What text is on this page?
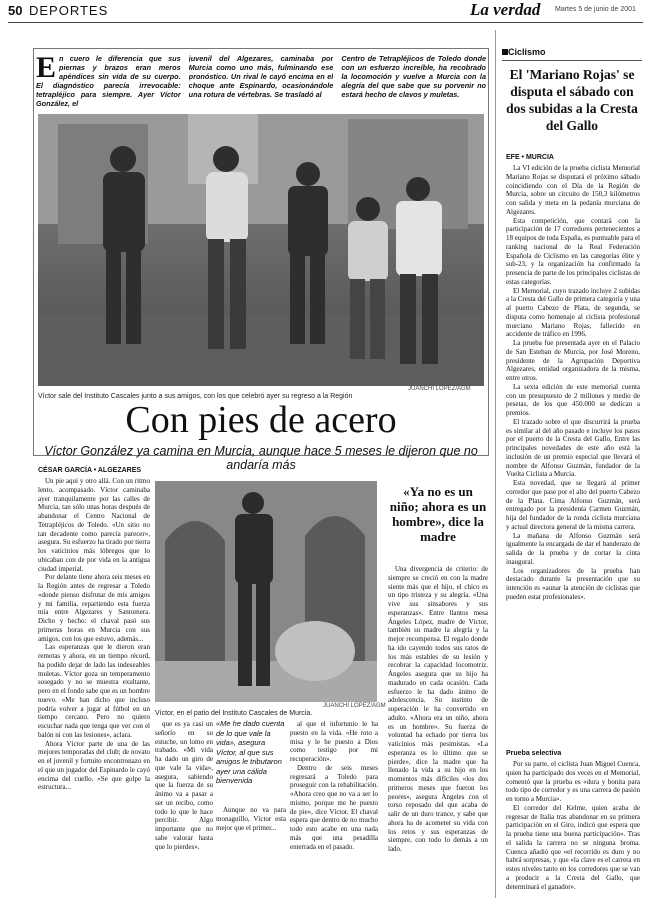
50 DEPORTES	La verdad Martes 5 de junio de 2001
En cuero le diferencia que sus piernas y brazos eran meros apéndices sin vida de su cuerpo. El diagnóstico parecía irrevocable: tetrapléjico para siempre. Ayer Víctor González, el
juvenil del Algezares, caminaba por Murcia como uno más, fulminando ese pronóstico. Un rival le cayó encima en el choque ante Espinardo, ocasionándole una rotura de vértebras. Se trasladó al
Centro de Tetrapléjicos de Toledo donde con un esfuerzo increíble, ha recobrado la locomoción y vuelve a Murcia con la alegría del que sabe que su porvenir no estará hecho de clavos y muletas.
JUANCHI LÓPEZ/AGM
Víctor sale del Instituto Cascales junto a sus amigos, con los que celebró ayer su regreso a la Región
Con pies de acero
Víctor González ya camina en Murcia, aunque hace 5 meses le dijeron que no andaría más
CÉSAR GARCÍA • ALGEZARES

Un pie aquí y otro allá. Con un ritmo lento, acompasado. Víctor caminaba ayer tranquilamente por las calles de Murcia, tan sólo unas horas después de abandonar el Centro Nacional de Tetrapléjicos de Toledo. «Un sitio no tan decadente como parecía parecer», asegura. Su esfuerzo ha tirado por tierra los vaticinios más lóbregos que lo ubicaban con de por vida en la antigua ciudad imperial.

Por delante tiene ahora seis meses en la Región antes de regresar a Toledo «donde pienso disfrutar de mis amigos y mi familia, repartiendo esta fuerza mía entre Algezares y Santomera. Dicho y hecho: el chaval pasó sus primeras horas en Murcia con sus amigos, con los que estuvo, además...

Las esperanzas que le dieron eran remotas y ahora, en un tiempo récord, ha podido dejar de lado las indeseables muletas. Víctor goza un temperamento sosegado y no se muestra exultante, pero en el fondo sabe que es un hombre nuevo. «Me han dicho que incluso podría volver a jugar al fútbol en un tiempo cercano. Pero no quiero escuchar nada que tenga que ver con el balón ni con las lesiones», aclara.

Ahora Víctor parte de una de las mejores temporadas del club; de novato en el juvenil y fortuito encontronazo en el que un jugador del Espinardo le cayó encima del cuello. «Se que golpe la estructura...

JUANCHI LÓPEZ/AGM
Víctor, en el patio del Instituto Cascales de Murcia.

que es ya casi un señorío en su estuche, un lomo en trabado. «Mi vida ha dado un giro de que vale la vida», asegura, sabiendo que la fuerza de su ánimo va a pasar a ser un recibo, como todo lo que le hace percibir. Algo importante que no sabe valorar hasta que lo pierdes».

«Me he dado cuenta de lo que vale la vida», asegura Víctor, al que sus amigos le tributaron ayer una cálida bienvenida

Aunque no va para monaguillo, Víctor esta mejor que el primer...

al que el infortunio le ha puesto en la vida. «He roto a misa y le he puesto a Dios como testigo por mi recuperación».

Dentro de seis meses regresará a Toledo para proseguir con la rehabilitación. «Ahora creo que no va a ser lo mismo, porque me he puesto de pie», dice Víctor. El chaval espera que dentro de no mucho todo esto acabe en una nada más que una pesadilla enterrada en el pasado.

«Ya no es un niño; ahora es un hombre», dice la madre

Una divergencia de criterio: de siempre se creció en con la madre siente más que el hijo, el chico es un tipo tristeza y su alegría. «Una vive sus sinsabores y sus esperanzas». Entre llantos mesa Ángeles López, madre de Víctor, también su madre la alegría y la mejor recompensa. El regalo donde ha ido cayendo todos sus ratos de los más estables de su lesión y recobrar la capacidad locomotriz. Ángeles asegura que su hijo ha madurado en cada ocasión. Cada esfuerzo le ha dado ánimo de adolescencia. Su instinto de superación le ha convertido en adulto. «Ahora era un niño, ahora es un hombre». Su fuerza de voluntad ha echado por tierra los vaticinios más pesimistas. «La esperanza es lo último que se pierde», dice la madre que ha llenado la vida a su hijo en los momentos más difíciles «los dos primeros meses que fueron los peores», asegura Ángeles con el torso reposado del que acaba de salir de un duro trance, y sabe que ahora ha de acometer su vida con los retos y sus esperanzas de siempre, con todo lo demás a un lado.

Ciclismo
El 'Mariano Rojas' se disputa el sábado con dos subidas a la Cresta del Gallo
EFE • MURCIA

La VI edición de la prueba ciclista Memorial Mariano Rojas se disputará el próximo sábado coincidiendo con el Día de la Región de Murcia, sobre un circuito de 150,3 kilómetros con salida y meta en la pedanía murciana de Algezares.

Esta competición, que contará con la participación de 17 corredores pertenecientes a 18 equipos de toda España, es puntuable para el ranking nacional de la Real Federación Española de Ciclismo en las categorías élite y sub-23, y la organización ha confirmado la presencia de parte de los principales ciclistas de estas categorías.

El Memorial, cuyo trazado incluye 2 subidas a la Cresta del Gallo de primera categoría y una al puerto Cabezo de Plata, de segunda, se disputa como homenaje al ciclista profesional murciano Mariano Rojas, fallecido en accidente de tráfico en 1996.

La prueba fue presentada ayer en el Palacio de San Esteban de Murcia, por José Moreno, presidente de la Agrupación Deportiva Algezares, entidad organizadora de la misma, entre otros.

La sexta edición de este memorial cuenta con un presupuesto de 2 millones y medio de pesetas, de los que 450.000 se dedican a premios.

El trazado sobre el que discurrirá la prueba es similar al del año pasado e incluye los pasos por el puerto de la Cresta del Gallo, Entre las principales novedades de este año está la inclusión de un premio especial que llevará el nombre de Alfonso Guzmán, fundador de la Vuelta Ciclista a Murcia.

Esta novedad, que se llegará al primer corredor que pase por el alto del puerto Cabezo de la Plata. Cima Alfonso Guzmán, será entregado por la presidenta Carmen Guzmán, hija del fundador de la ronda ciclista murciana y actual directora general de la misma carrera.

La mañana de Alfonso Guzmán será igualmente la encargada de dar el banderazo de salida de la prueba y de cortar la cinta inaugural.

Los organizadores de la prueba han destacado durante la presentación que su intención es «aunar la atención de ciclistas que pueden estar profesionales».

Prueba selectiva

Por su parte, el ciclista Juan Miguel Cuenca, quien ha participado dos veces en el Memorial, comentó que la prueba es «dura y bonita para todo tipo de corredor y es una carrera de pasión en torno a Murcia».

El corredor del Kelme, quien acaba de regresar de Italia tras abandonar en su primera participación en el Giro, indicó que espera que la prueba tiene una buena participación». Tras el salida la carrera no se ninguna broma. Cuenca añadió que «el recorrido es duro y no habrá sorpresas, y que «la clave es el carrera en estos niveles tanto en los corredores que se van a producir a la Cresta del Gallo, que determinará el ganador».
